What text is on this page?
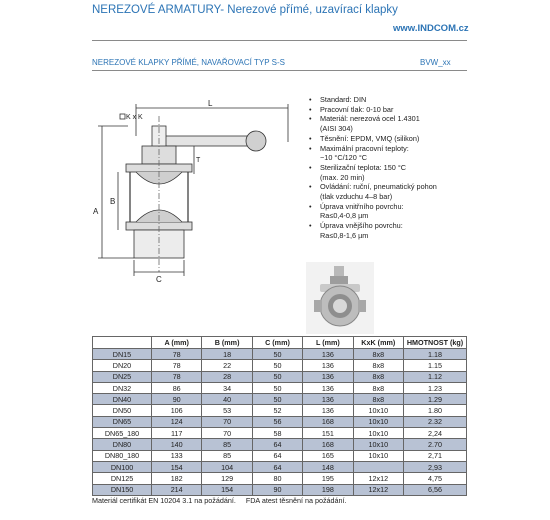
NEREZOVÉ ARMATURY- Nerezové přímé, uzavírací klapky
www.INDCOM.cz
NEREZOVÉ KLAPKY PŘÍMÉ, NAVAŘOVACÍ TYP S-S	BVW_xx
K x K
L
T
A
B
C
• Standard: DIN
• Pracovní tlak: 0-10 bar
• Materiál: nerezová ocel 1.4301
(AISI 304)
• Těsnění: EPDM, VMQ (silikon)
• Maximální pracovní teploty:
−10 °C/120 °C
• Sterilizační teplota: 150 °C
(max. 20 min)
• Ovládání: ruční, pneumatický pohon
(tlak vzduchu 4–8 bar)
• Úprava vnitřního povrchu:
Ra≤0,4-0,8 µm
• Úprava vnějšího povrchu:
Ra≤0,8-1,6 µm
	A (mm)	B (mm)	C (mm)	L (mm)	KxK (mm)	HMOTNOST (kg)
DN15	78	18	50	136	8x8	1.18
DN20	78	22	50	136	8x8	1.15
DN25	78	28	50	136	8x8	1.12
DN32	86	34	50	136	8x8	1.23
DN40	90	40	50	136	8x8	1.29
DN50	106	53	52	136	10x10	1.80
DN65	124	70	56	168	10x10	2.32
DN65_180	117	70	58	151	10x10	2,24
DN80	140	85	64	168	10x10	2.70
DN80_180	133	85	64	165	10x10	2,71
DN100	154	104	64	148		2,93
DN125	182	129	80	195	12x12	4,75
DN150	214	154	90	198	12x12	6,56
Materiál certifikát EN 10204 3.1 na požádání. FDA atest těsnění na požádání.
